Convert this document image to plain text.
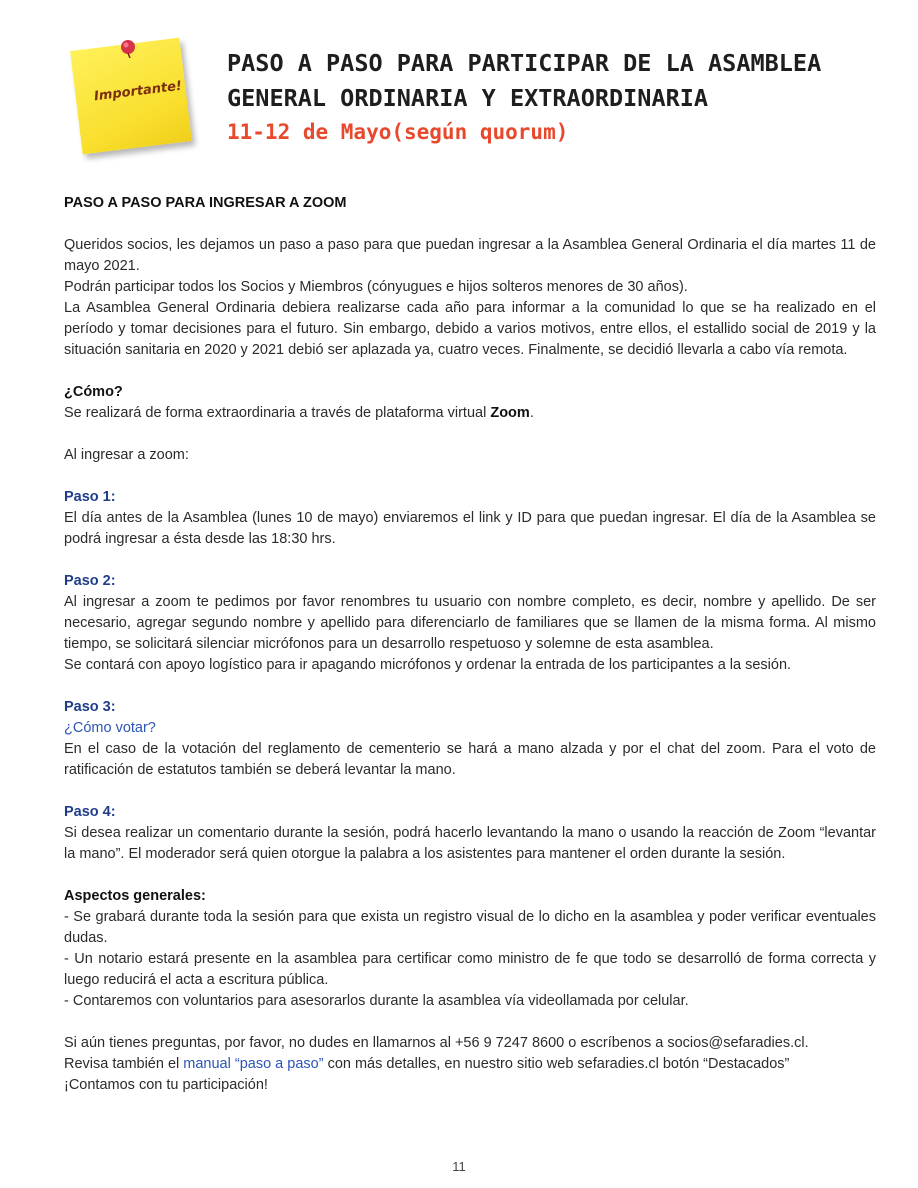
Importante!
PASO A PASO PARA PARTICIPAR DE LA ASAMBLEA
GENERAL ORDINARIA Y EXTRAORDINARIA
11-12 de Mayo(según quorum)

PASO A PASO PARA INGRESAR A ZOOM

Queridos socios, les dejamos un paso a paso para que puedan ingresar a la Asamblea General Ordinaria el día martes 11 de mayo 2021.

Podrán participar todos los Socios y Miembros (cónyugues e hijos solteros menores de 30 años).

La Asamblea General Ordinaria debiera realizarse cada año para informar a la comunidad lo que se ha realizado en el período y tomar decisiones para el futuro. Sin embargo, debido a varios motivos, entre ellos, el estallido social de 2019 y la situación sanitaria en 2020 y 2021 debió ser aplazada ya, cuatro veces. Finalmente, se decidió llevarla a cabo vía remota.

¿Cómo?

Se realizará de forma extraordinaria a través de plataforma virtual Zoom.

Al ingresar a zoom:

Paso 1:

El día antes de la Asamblea (lunes 10 de mayo) enviaremos el link y ID para que puedan ingresar. El día de la Asamblea se podrá ingresar a ésta desde las 18:30 hrs.

Paso 2:

Al ingresar a zoom te pedimos por favor renombres tu usuario con nombre completo, es decir, nombre y apellido. De ser necesario, agregar segundo nombre y apellido para diferenciarlo de familiares que se llamen de la misma forma. Al mismo tiempo, se solicitará silenciar micrófonos para un desarrollo respetuoso y solemne de esta asamblea.

Se contará con apoyo logístico para ir apagando micrófonos y ordenar la entrada de los participantes a la sesión.

Paso 3:

¿Cómo votar?

En el caso de la votación del reglamento de cementerio se hará a mano alzada y por el chat del zoom. Para el voto de ratificación de estatutos también se deberá levantar la mano.

Paso 4:

Si desea realizar un comentario durante la sesión, podrá hacerlo levantando la mano o usando la reacción de Zoom “levantar la mano”. El moderador será quien otorgue la palabra a los asistentes para mantener el orden durante la sesión.

Aspectos generales:

- Se grabará durante toda la sesión para que exista un registro visual de lo dicho en la asamblea y poder verificar eventuales dudas.

- Un notario estará presente en la asamblea para certificar como ministro de fe que todo se desarrolló de forma correcta y luego reducirá el acta a escritura pública.

- Contaremos con voluntarios para asesorarlos durante la asamblea vía videollamada por celular.

Si aún tienes preguntas, por favor, no dudes en llamarnos al +56 9 7247 8600 o escríbenos a socios@sefaradies.cl.

Revisa también el manual “paso a paso” con más detalles, en nuestro sitio web sefaradies.cl botón “Destacados”

¡Contamos con tu participación!

11
